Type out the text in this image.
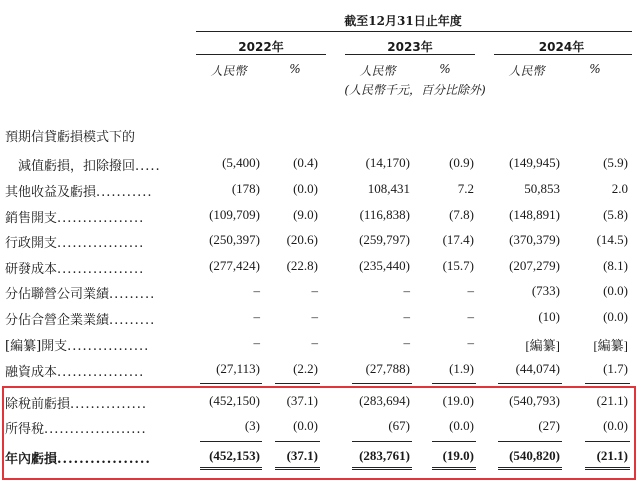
截至12月31日止年度
2022年	2023年	2024年
人民幣	%	人民幣	%	人民幣	%
(人民幣千元，百分比除外)
預期信貸虧損模式下的
減值虧損，扣除撥回.....	(5,400)	(0.4)	(14,170)	(0.9)	(149,945)	(5.9)
其他收益及虧損...........	(178)	(0.0)	108,431	7.2	50,853	2.0
銷售開支.................	(109,709)	(9.0)	(116,838)	(7.8)	(148,891)	(5.8)
行政開支.................	(250,397)	(20.6)	(259,797)	(17.4)	(370,379)	(14.5)
研發成本.................	(277,424)	(22.8)	(235,440)	(15.7)	(207,279)	(8.1)
分佔聯營公司業績.........	–	–	–	–	(733)	(0.0)
分佔合營企業業績.........	–	–	–	–	(10)	(0.0)
[編纂]開支................	–	–	–	–	[編纂]	[編纂]
融資成本.................	(27,113)	(2.2)	(27,788)	(1.9)	(44,074)	(1.7)
除稅前虧損...............	(452,150)	(37.1)	(283,694)	(19.0)	(540,793)	(21.1)
所得稅....................	(3)	(0.0)	(67)	(0.0)	(27)	(0.0)
年內虧損.................	(452,153)	(37.1)	(283,761)	(19.0)	(540,820)	(21.1)
